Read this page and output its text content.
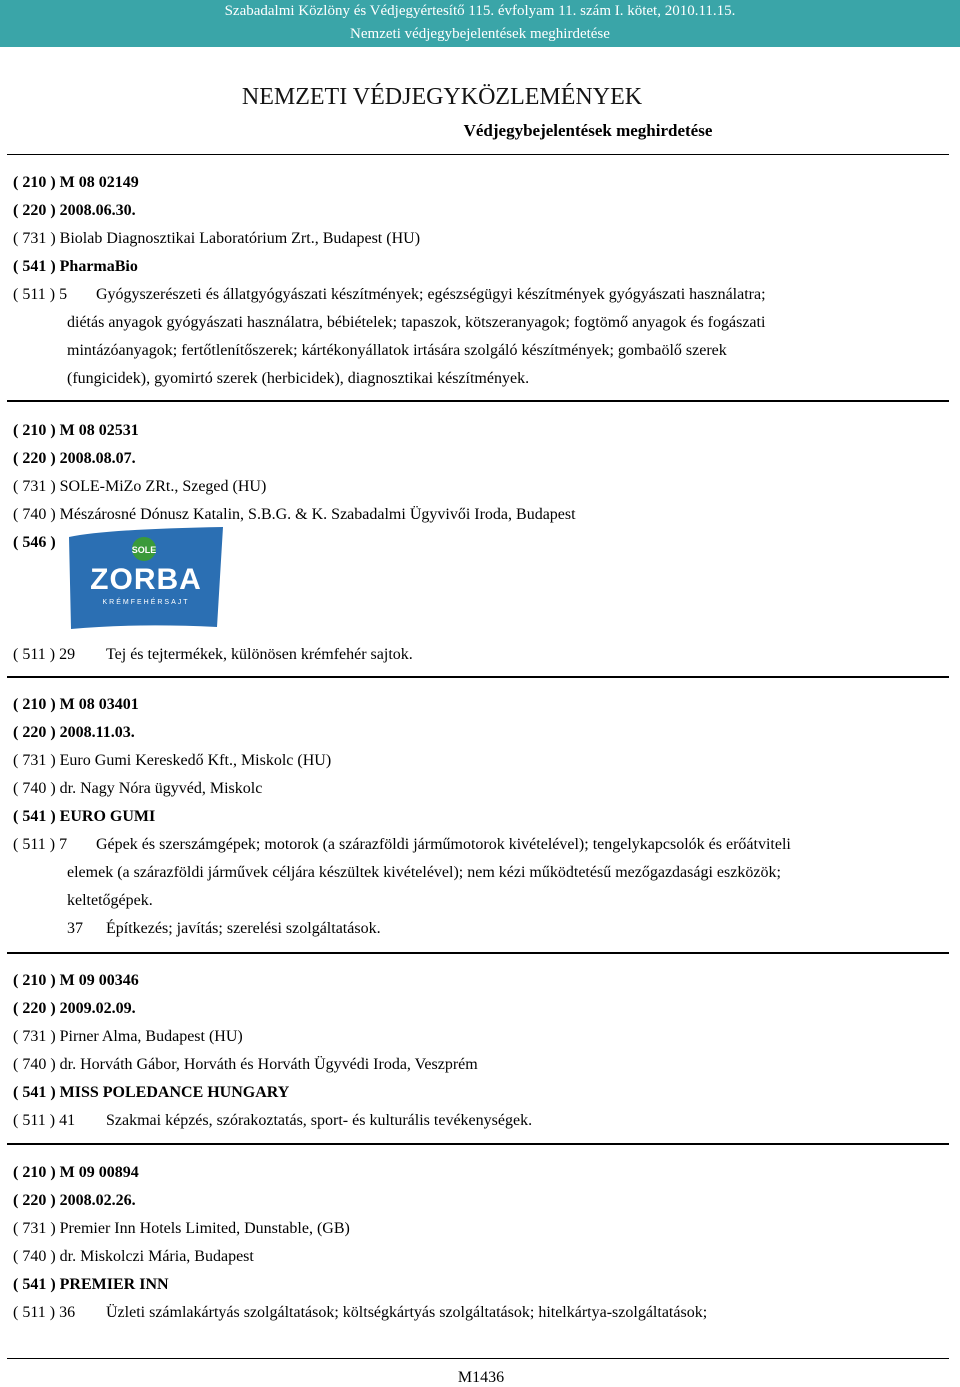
Szabadalmi Közlöny és Védjegyértesítő 115. évfolyam 11. szám I. kötet, 2010.11.15.
Nemzeti védjegybejelentések meghirdetése
NEMZETI VÉDJEGYKÖZLEMÉNYEK
Védjegybejelentések meghirdetése
( 210 ) M 08 02149
( 220 ) 2008.06.30.
( 731 ) Biolab Diagnosztikai Laboratórium Zrt., Budapest (HU)
( 541 ) PharmaBio
( 511 ) 5 Gyógyszerészeti és állatgyógyászati készítmények; egészségügyi készítmények gyógyászati használatra;
diétás anyagok gyógyászati használatra, bébiételek; tapaszok, kötszeranyagok; fogtömő anyagok és fogászati
mintázóanyagok; fertőtlenítőszerek; kártékonyállatok irtására szolgáló készítmények; gombaölő szerek
(fungicidek), gyomirtó szerek (herbicidek), diagnosztikai készítmények.
( 210 ) M 08 02531
( 220 ) 2008.08.07.
( 731 ) SOLE-MiZo ZRt., Szeged (HU)
( 740 ) Mészárosné Dónusz Katalin, S.B.G. & K. Szabadalmi Ügyvivői Iroda, Budapest
( 546 )	SOLE
ZORBA
KRÉMFEHÉRSAJT
( 511 ) 29 Tej és tejtermékek, különösen krémfehér sajtok.
( 210 ) M 08 03401
( 220 ) 2008.11.03.
( 731 ) Euro Gumi Kereskedő Kft., Miskolc (HU)
( 740 ) dr. Nagy Nóra ügyvéd, Miskolc
( 541 ) EURO GUMI
( 511 ) 7 Gépek és szerszámgépek; motorok (a szárazföldi járműmotorok kivételével); tengelykapcsolók és erőátviteli
elemek (a szárazföldi járművek céljára készültek kivételével); nem kézi működtetésű mezőgazdasági eszközök;
keltetőgépek.
37 Építkezés; javítás; szerelési szolgáltatások.
( 210 ) M 09 00346
( 220 ) 2009.02.09.
( 731 ) Pirner Alma, Budapest (HU)
( 740 ) dr. Horváth Gábor, Horváth és Horváth Ügyvédi Iroda, Veszprém
( 541 ) MISS POLEDANCE HUNGARY
( 511 ) 41 Szakmai képzés, szórakoztatás, sport- és kulturális tevékenységek.
( 210 ) M 09 00894
( 220 ) 2008.02.26.
( 731 ) Premier Inn Hotels Limited, Dunstable, (GB)
( 740 ) dr. Miskolczi Mária, Budapest
( 541 ) PREMIER INN
( 511 ) 36 Üzleti számlakártyás szolgáltatások; költségkártyás szolgáltatások; hitelkártya-szolgáltatások;
M1436
